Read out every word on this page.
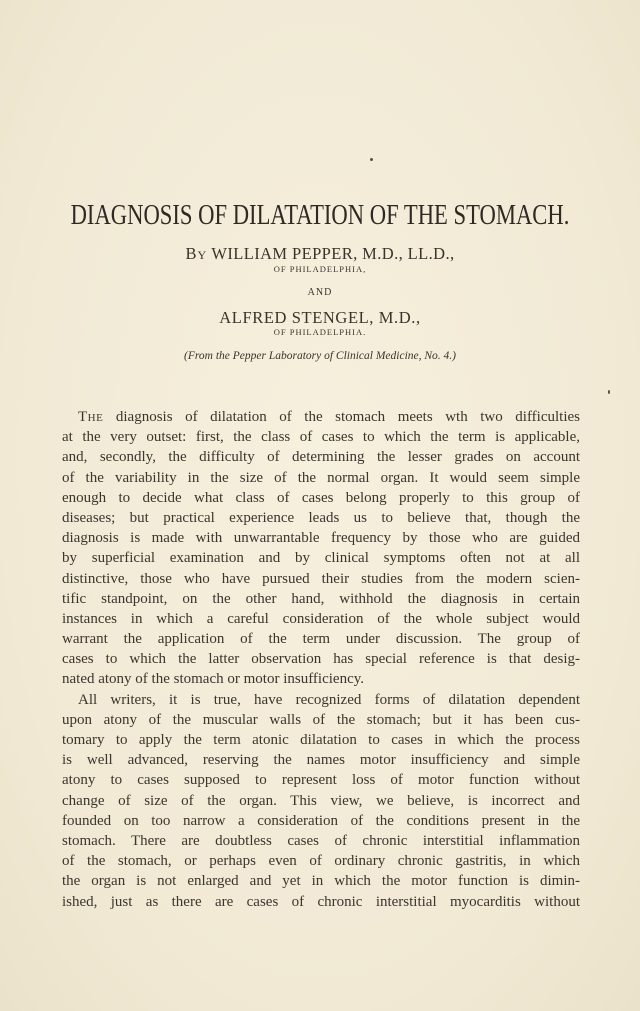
DIAGNOSIS OF DILATATION OF THE STOMACH.
By WILLIAM PEPPER, M.D., LL.D.,
OF PHILADELPHIA,
AND
ALFRED STENGEL, M.D.,
OF PHILADELPHIA.
(From the Pepper Laboratory of Clinical Medicine, No. 4.)
The diagnosis of dilatation of the stomach meets wth two difficulties
at the very outset: first, the class of cases to which the term is applicable,
and, secondly, the difficulty of determining the lesser grades on account
of the variability in the size of the normal organ. It would seem simple
enough to decide what class of cases belong properly to this group of
diseases; but practical experience leads us to believe that, though the
diagnosis is made with unwarrantable frequency by those who are guided
by superficial examination and by clinical symptoms often not at all
distinctive, those who have pursued their studies from the modern scien-
tific standpoint, on the other hand, withhold the diagnosis in certain
instances in which a careful consideration of the whole subject would
warrant the application of the term under discussion. The group of
cases to which the latter observation has special reference is that desig-
nated atony of the stomach or motor insufficiency.
All writers, it is true, have recognized forms of dilatation dependent
upon atony of the muscular walls of the stomach; but it has been cus-
tomary to apply the term atonic dilatation to cases in which the process
is well advanced, reserving the names motor insufficiency and simple
atony to cases supposed to represent loss of motor function without
change of size of the organ. This view, we believe, is incorrect and
founded on too narrow a consideration of the conditions present in the
stomach. There are doubtless cases of chronic interstitial inflammation
of the stomach, or perhaps even of ordinary chronic gastritis, in which
the organ is not enlarged and yet in which the motor function is dimin-
ished, just as there are cases of chronic interstitial myocarditis without
